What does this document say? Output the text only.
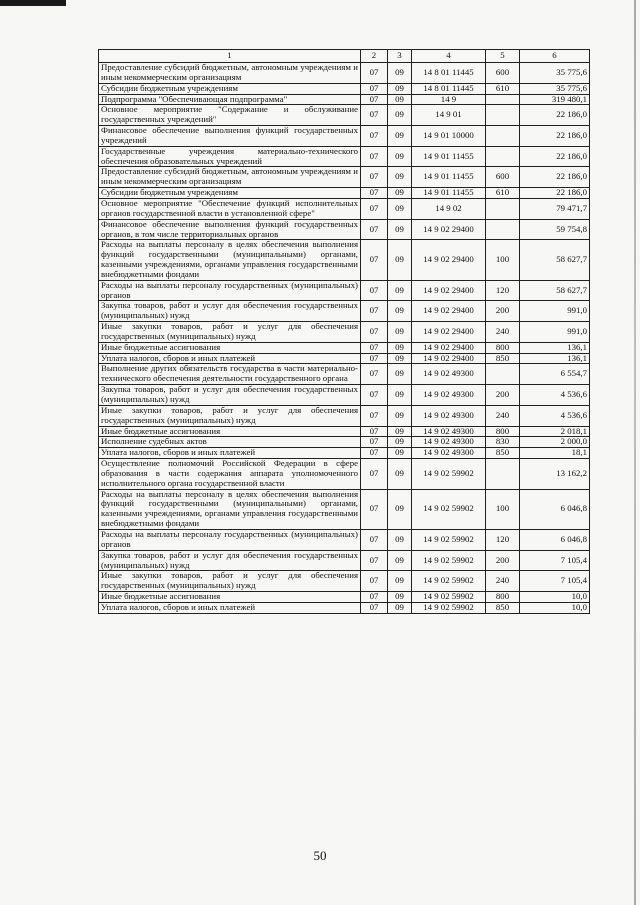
1	2	3	4	5	6
Предоставление субсидий бюджетным, автономным учреждениям и иным некоммерческим организациям	07	09	14 8 01 11445	600	35 775,6
Субсидии бюджетным учреждениям	07	09	14 8 01 11445	610	35 775,6
Подпрограмма "Обеспечивающая подпрограмма"	07	09	14 9		319 480,1
Основное мероприятие "Содержание и обслуживание государственных учреждений"	07	09	14 9 01		22 186,0
Финансовое обеспечение выполнения функций государственных учреждений	07	09	14 9 01 10000		22 186,0
Государственные учреждения материально-технического обеспечения образовательных учреждений	07	09	14 9 01 11455		22 186,0
Предоставление субсидий бюджетным, автономным учреждениям и иным некоммерческим организациям	07	09	14 9 01 11455	600	22 186,0
Субсидии бюджетным учреждениям	07	09	14 9 01 11455	610	22 186,0
Основное мероприятие "Обеспечение функций исполнительных органов государственной власти в установленной сфере"	07	09	14 9 02		79 471,7
Финансовое обеспечение выполнения функций государственных органов, в том числе территориальных органов	07	09	14 9 02 29400		59 754,8
Расходы на выплаты персоналу в целях обеспечения выполнения функций государственными (муниципальными) органами, казенными учреждениями, органами управления государственными внебюджетными фондами	07	09	14 9 02 29400	100	58 627,7
Расходы на выплаты персоналу государственных (муниципальных) органов	07	09	14 9 02 29400	120	58 627,7
Закупка товаров, работ и услуг для обеспечения государственных (муниципальных) нужд	07	09	14 9 02 29400	200	991,0
Иные закупки товаров, работ и услуг для обеспечения государственных (муниципальных) нужд	07	09	14 9 02 29400	240	991,0
Иные бюджетные ассигнования	07	09	14 9 02 29400	800	136,1
Уплата налогов, сборов и иных платежей	07	09	14 9 02 29400	850	136,1
Выполнение других обязательств государства в части материально-технического обеспечения деятельности государственного органа	07	09	14 9 02 49300		6 554,7
Закупка товаров, работ и услуг для обеспечения государственных (муниципальных) нужд	07	09	14 9 02 49300	200	4 536,6
Иные закупки товаров, работ и услуг для обеспечения государственных (муниципальных) нужд	07	09	14 9 02 49300	240	4 536,6
Иные бюджетные ассигнования	07	09	14 9 02 49300	800	2 018,1
Исполнение судебных актов	07	09	14 9 02 49300	830	2 000,0
Уплата налогов, сборов и иных платежей	07	09	14 9 02 49300	850	18,1
Осуществление полномочий Российской Федерации в сфере образования в части содержания аппарата уполномоченного исполнительного органа государственной власти	07	09	14 9 02 59902		13 162,2
Расходы на выплаты персоналу в целях обеспечения выполнения функций государственными (муниципальными) органами, казенными учреждениями, органами управления государственными внебюджетными фондами	07	09	14 9 02 59902	100	6 046,8
Расходы на выплаты персоналу государственных (муниципальных) органов	07	09	14 9 02 59902	120	6 046,8
Закупка товаров, работ и услуг для обеспечения государственных (муниципальных) нужд	07	09	14 9 02 59902	200	7 105,4
Иные закупки товаров, работ и услуг для обеспечения государственных (муниципальных) нужд	07	09	14 9 02 59902	240	7 105,4
Иные бюджетные ассигнования	07	09	14 9 02 59902	800	10,0
Уплата налогов, сборов и иных платежей	07	09	14 9 02 59902	850	10,0
50
